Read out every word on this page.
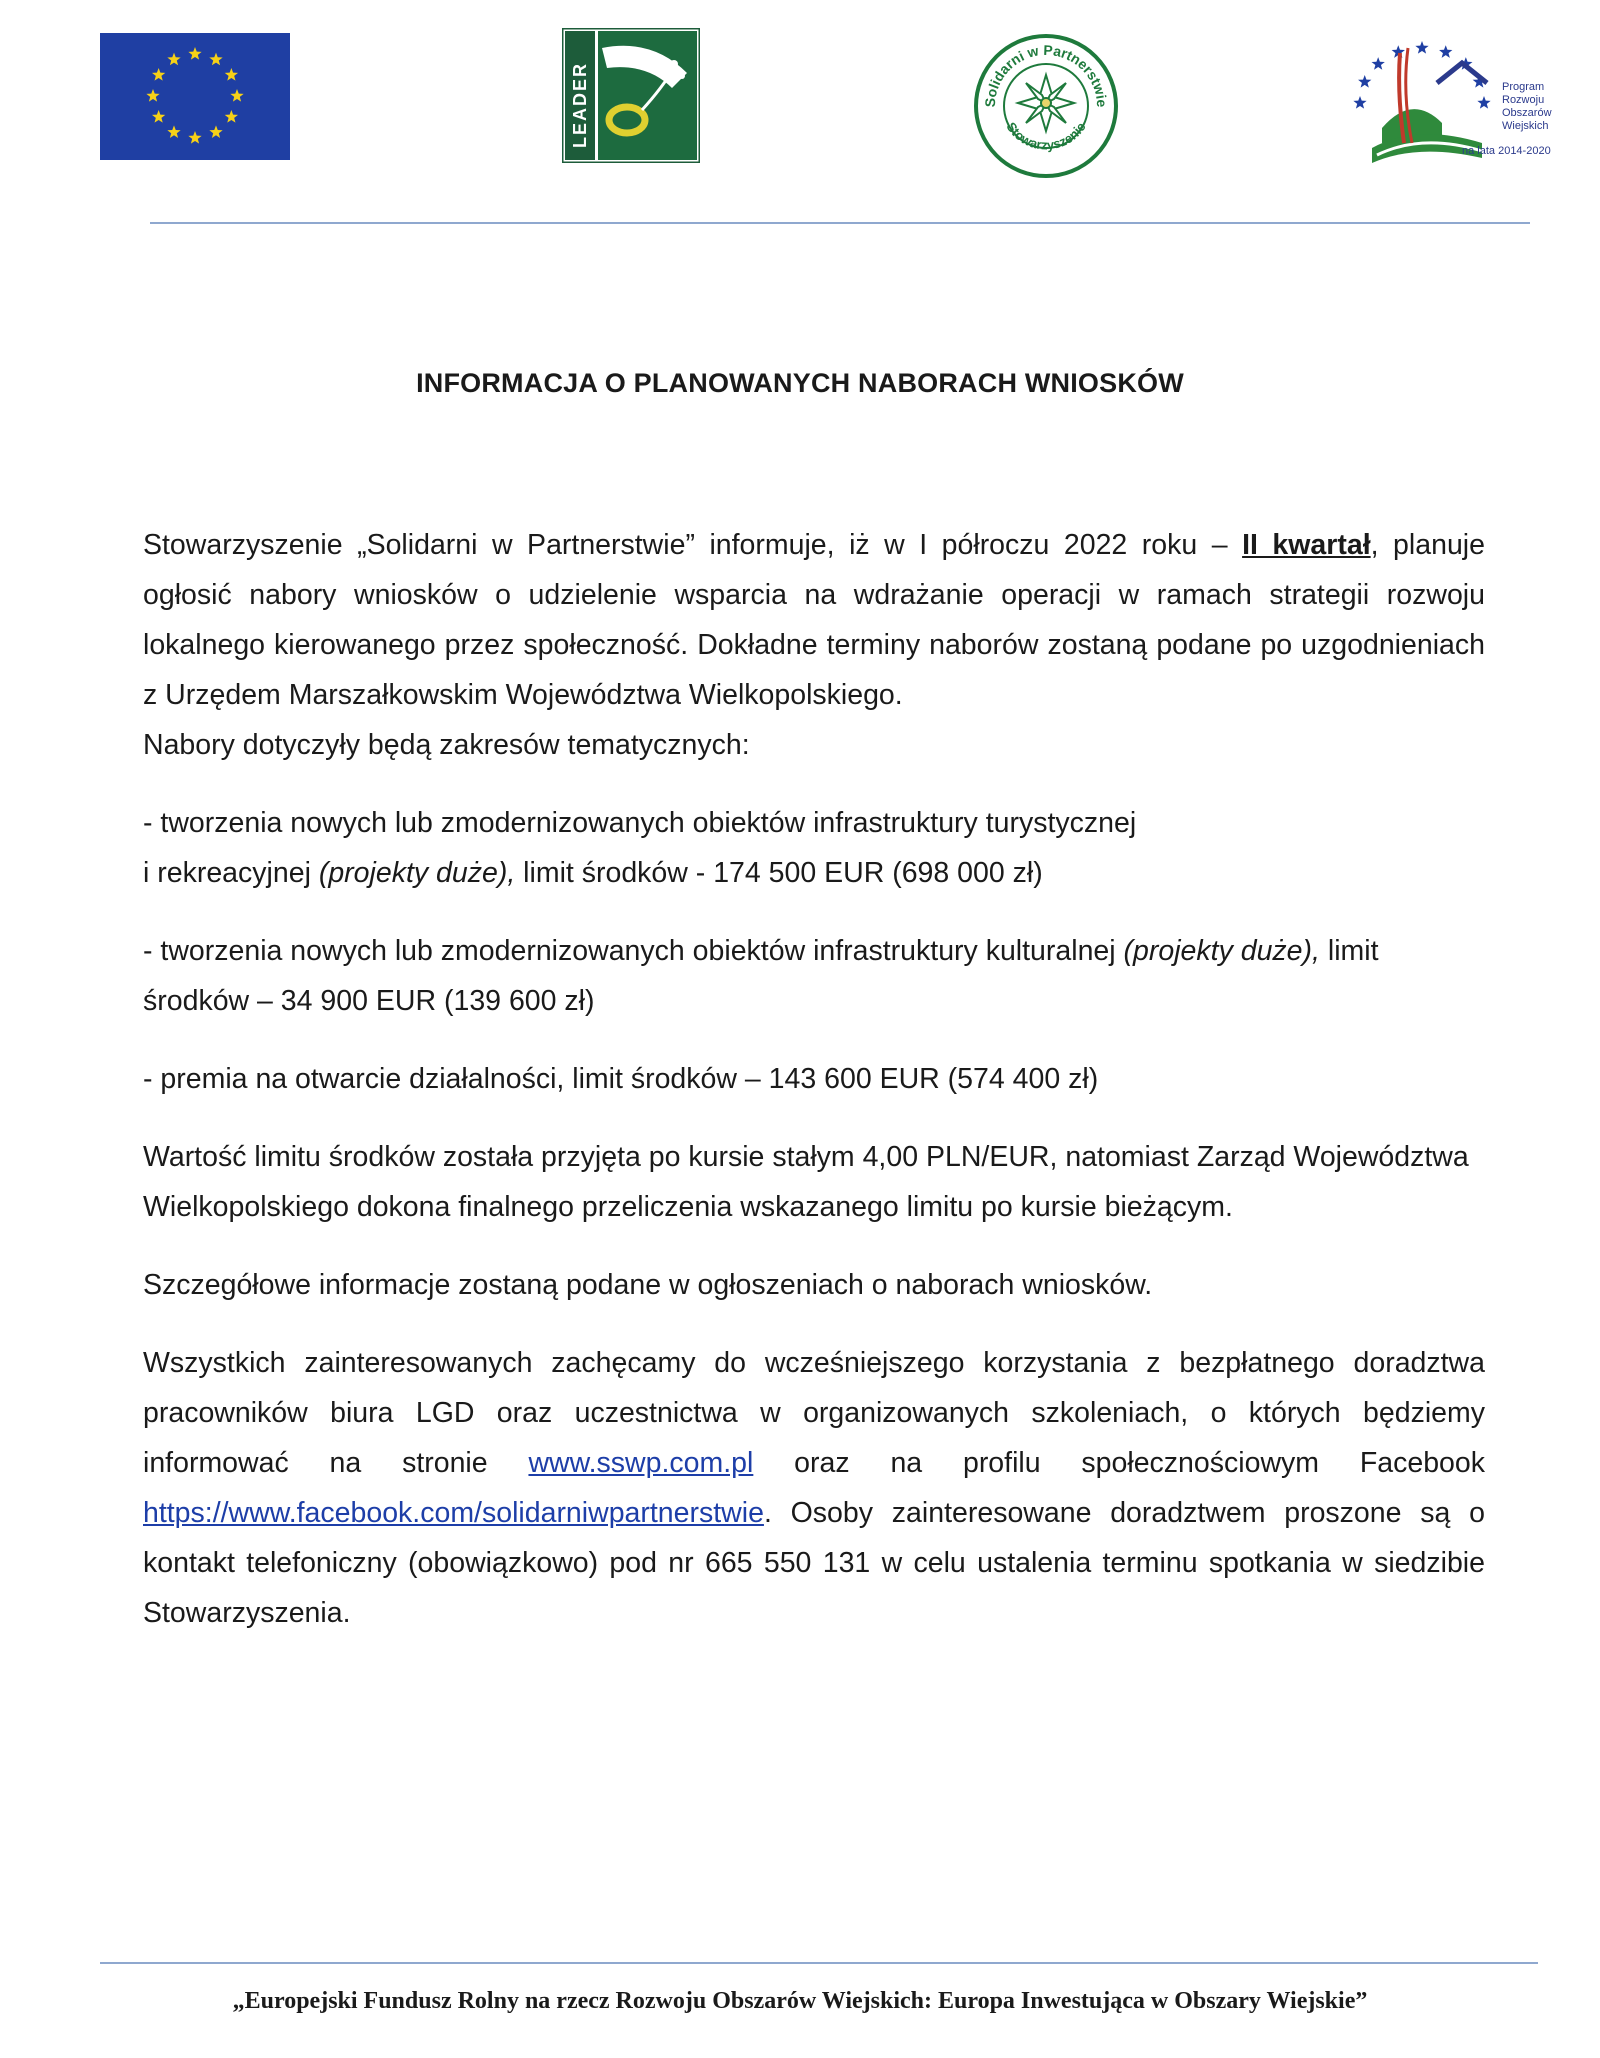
LEADER	Solidarni w Partnerstwie
Stowarzyszenie
Program
Rozwoju
Obszarów
Wiejskich
na lata 2014-2020
INFORMACJA O PLANOWANYCH NABORACH WNIOSKÓW

Stowarzyszenie „Solidarni w Partnerstwie” informuje, iż w I półroczu 2022 roku – II kwartał, planuje ogłosić nabory wniosków o udzielenie wsparcia na wdrażanie operacji w ramach strategii rozwoju lokalnego kierowanego przez społeczność. Dokładne terminy naborów zostaną podane po uzgodnieniach z Urzędem Marszałkowskim Województwa Wielkopolskiego.

Nabory dotyczyły będą zakresów tematycznych:

- tworzenia nowych lub zmodernizowanych obiektów infrastruktury turystycznej
i rekreacyjnej (projekty duże), limit środków - 174 500 EUR (698 000 zł)

- tworzenia nowych lub zmodernizowanych obiektów infrastruktury kulturalnej (projekty duże), limit środków – 34 900 EUR (139 600 zł)

- premia na otwarcie działalności, limit środków – 143 600 EUR (574 400 zł)

Wartość limitu środków została przyjęta po kursie stałym 4,00 PLN/EUR, natomiast Zarząd Województwa Wielkopolskiego dokona finalnego przeliczenia wskazanego limitu po kursie bieżącym.

Szczegółowe informacje zostaną podane w ogłoszeniach o naborach wniosków.

Wszystkich zainteresowanych zachęcamy do wcześniejszego korzystania z bezpłatnego doradztwa pracowników biura LGD oraz uczestnictwa w organizowanych szkoleniach, o których będziemy informować na stronie www.sswp.com.pl oraz na profilu społecznościowym Facebook https://www.facebook.com/solidarniwpartnerstwie. Osoby zainteresowane doradztwem proszone są o kontakt telefoniczny (obowiązkowo) pod nr 665 550 131 w celu ustalenia terminu spotkania w siedzibie Stowarzyszenia.

„Europejski Fundusz Rolny na rzecz Rozwoju Obszarów Wiejskich: Europa Inwestująca w Obszary Wiejskie”
